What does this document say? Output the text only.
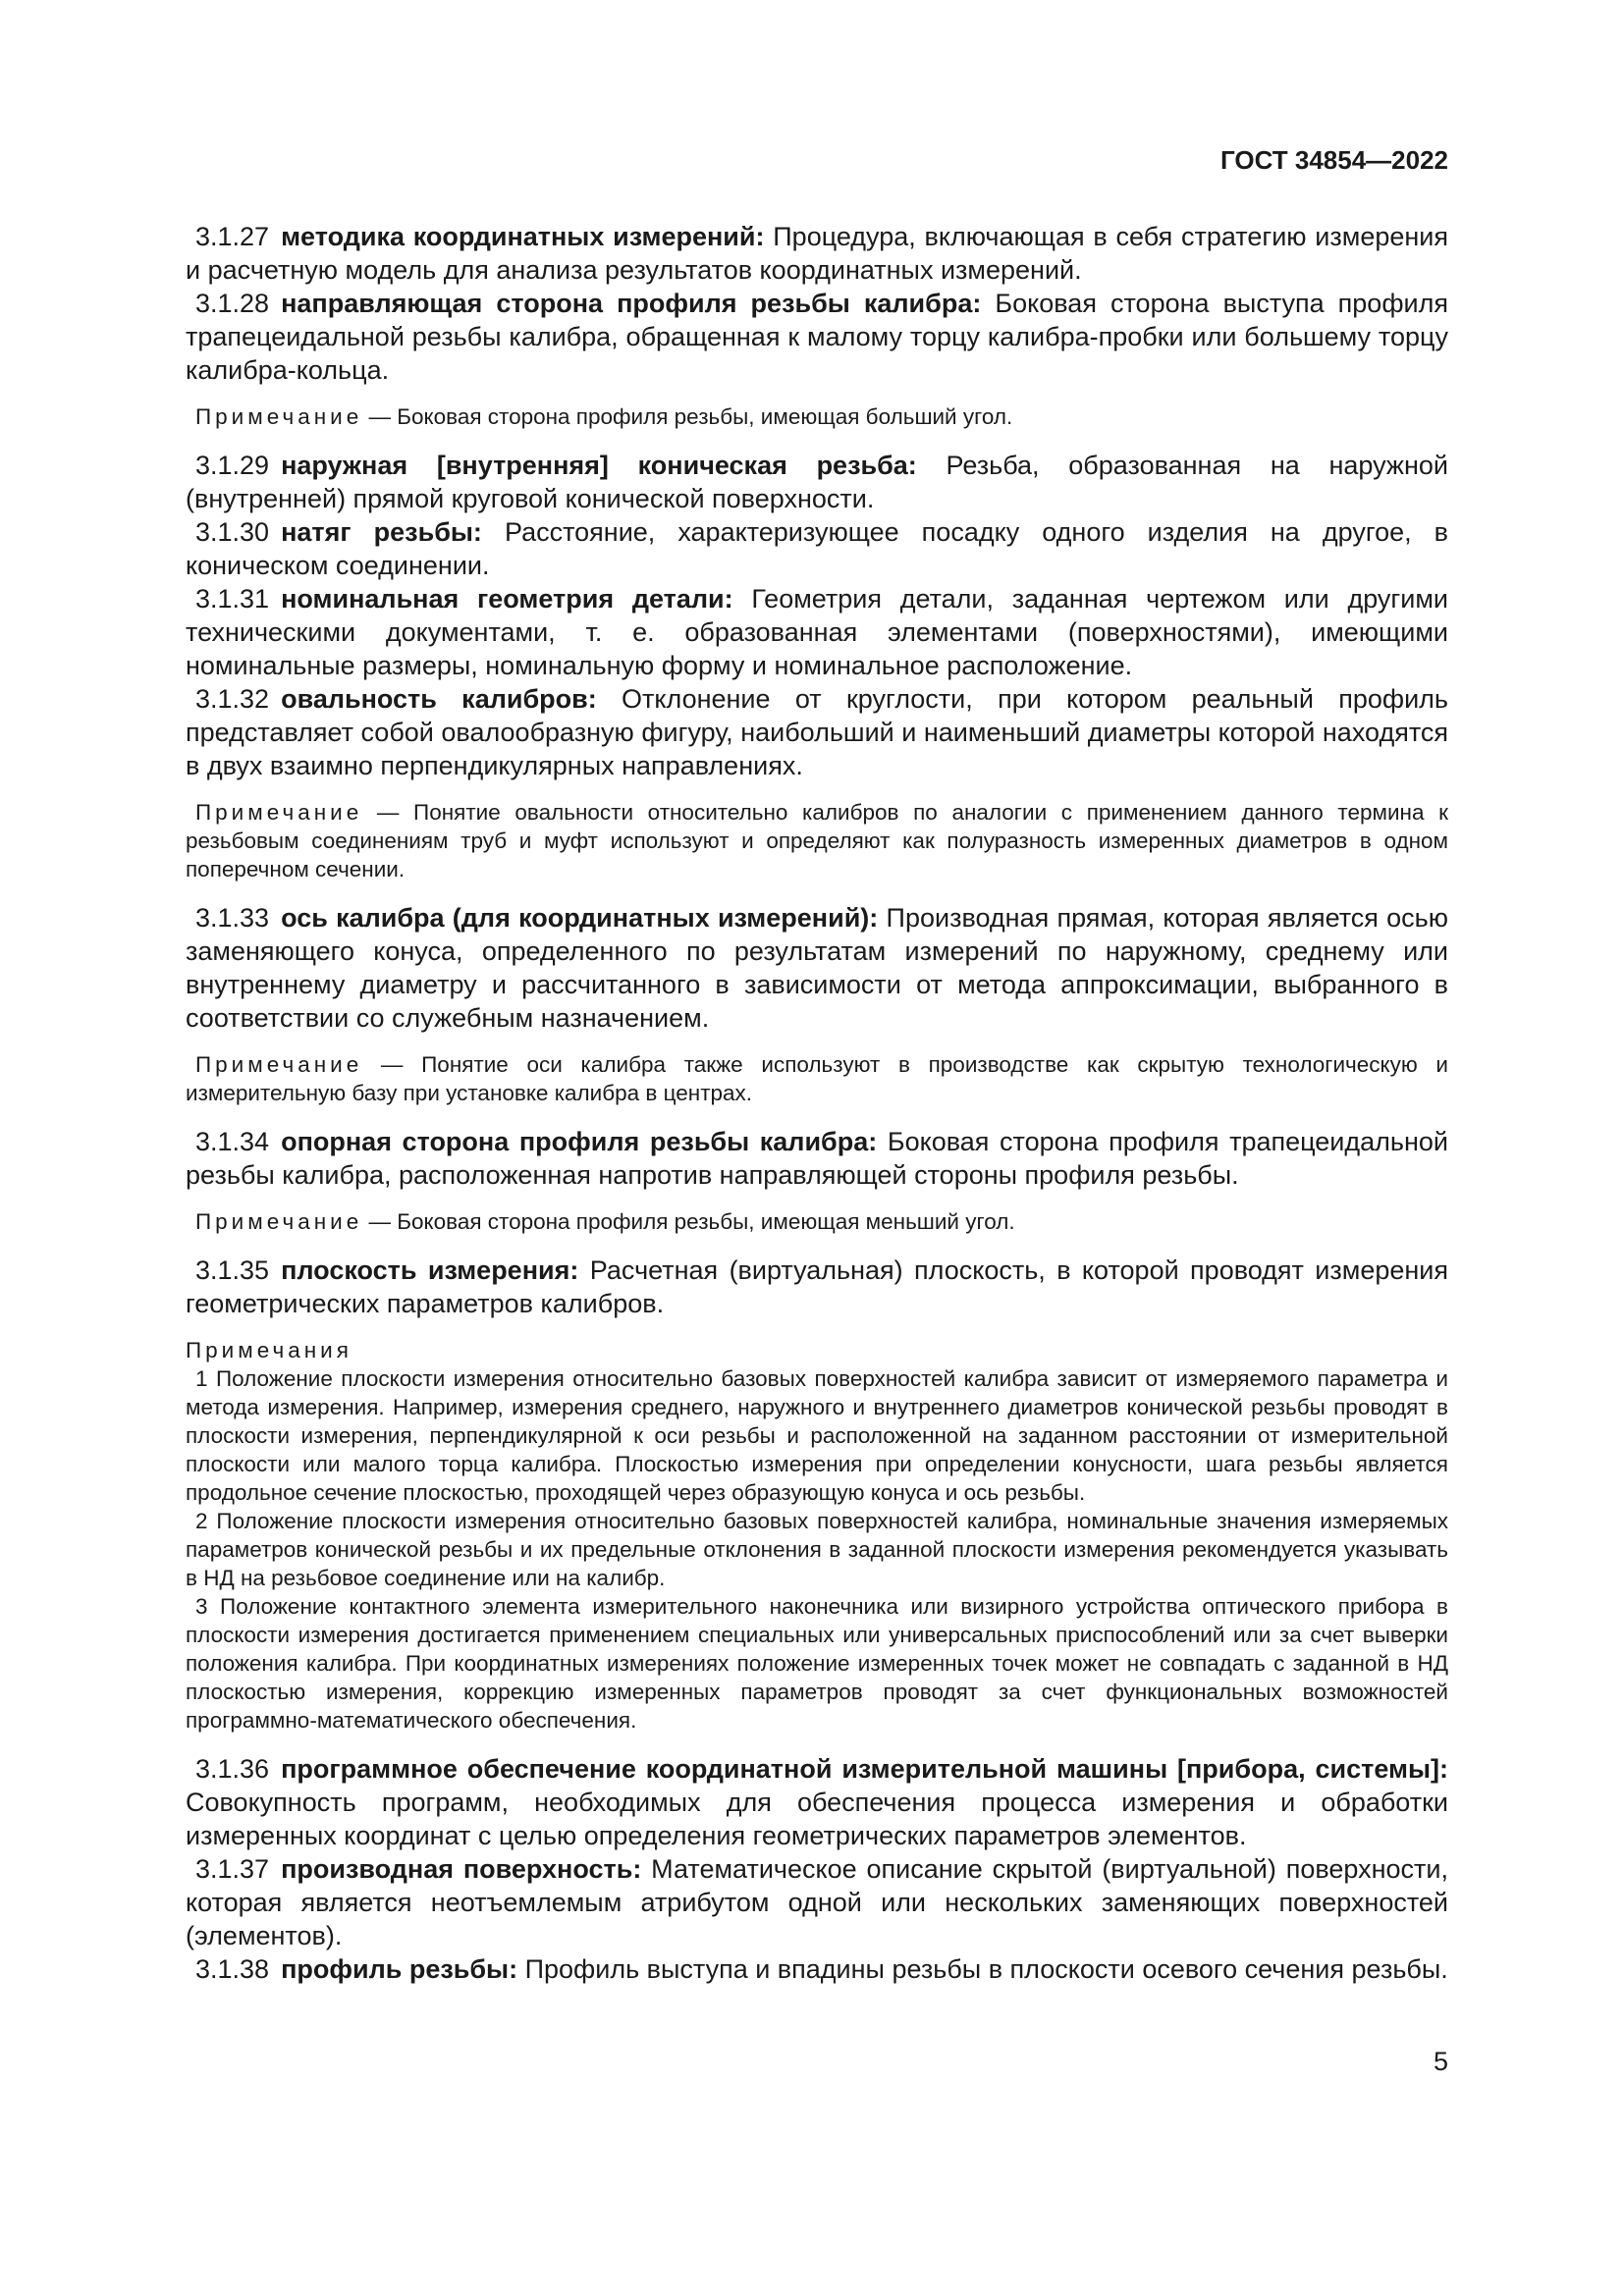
ГОСТ 34854—2022

3.1.27 методика координатных измерений: Процедура, включающая в себя стратегию измерения и расчетную модель для анализа результатов координатных измерений.

3.1.28 направляющая сторона профиля резьбы калибра: Боковая сторона выступа профиля трапецеидальной резьбы калибра, обращенная к малому торцу калибра-пробки или большему торцу калибра-кольца.

Примечание — Боковая сторона профиля резьбы, имеющая больший угол.

3.1.29 наружная [внутренняя] коническая резьба: Резьба, образованная на наружной (внутренней) прямой круговой конической поверхности.

3.1.30 натяг резьбы: Расстояние, характеризующее посадку одного изделия на другое, в коническом соединении.

3.1.31 номинальная геометрия детали: Геометрия детали, заданная чертежом или другими техническими документами, т. е. образованная элементами (поверхностями), имеющими номинальные размеры, номинальную форму и номинальное расположение.

3.1.32 овальность калибров: Отклонение от круглости, при котором реальный профиль представляет собой овалообразную фигуру, наибольший и наименьший диаметры которой находятся в двух взаимно перпендикулярных направлениях.

Примечание — Понятие овальности относительно калибров по аналогии с применением данного термина к резьбовым соединениям труб и муфт используют и определяют как полуразность измеренных диаметров в одном поперечном сечении.

3.1.33 ось калибра (для координатных измерений): Производная прямая, которая является осью заменяющего конуса, определенного по результатам измерений по наружному, среднему или внутреннему диаметру и рассчитанного в зависимости от метода аппроксимации, выбранного в соответствии со служебным назначением.

Примечание — Понятие оси калибра также используют в производстве как скрытую технологическую и измерительную базу при установке калибра в центрах.

3.1.34 опорная сторона профиля резьбы калибра: Боковая сторона профиля трапецеидальной резьбы калибра, расположенная напротив направляющей стороны профиля резьбы.

Примечание — Боковая сторона профиля резьбы, имеющая меньший угол.

3.1.35 плоскость измерения: Расчетная (виртуальная) плоскость, в которой проводят измерения геометрических параметров калибров.

Примечания

1 Положение плоскости измерения относительно базовых поверхностей калибра зависит от измеряемого параметра и метода измерения. Например, измерения среднего, наружного и внутреннего диаметров конической резьбы проводят в плоскости измерения, перпендикулярной к оси резьбы и расположенной на заданном расстоянии от измерительной плоскости или малого торца калибра. Плоскостью измерения при определении конусности, шага резьбы является продольное сечение плоскостью, проходящей через образующую конуса и ось резьбы.

2 Положение плоскости измерения относительно базовых поверхностей калибра, номинальные значения измеряемых параметров конической резьбы и их предельные отклонения в заданной плоскости измерения рекомендуется указывать в НД на резьбовое соединение или на калибр.

3 Положение контактного элемента измерительного наконечника или визирного устройства оптического прибора в плоскости измерения достигается применением специальных или универсальных приспособлений или за счет выверки положения калибра. При координатных измерениях положение измеренных точек может не совпадать с заданной в НД плоскостью измерения, коррекцию измеренных параметров проводят за счет функциональных возможностей программно-математического обеспечения.

3.1.36 программное обеспечение координатной измерительной машины [прибора, системы]: Совокупность программ, необходимых для обеспечения процесса измерения и обработки измеренных координат с целью определения геометрических параметров элементов.

3.1.37 производная поверхность: Математическое описание скрытой (виртуальной) поверхности, которая является неотъемлемым атрибутом одной или нескольких заменяющих поверхностей (элементов).

3.1.38 профиль резьбы: Профиль выступа и впадины резьбы в плоскости осевого сечения резьбы.

5
